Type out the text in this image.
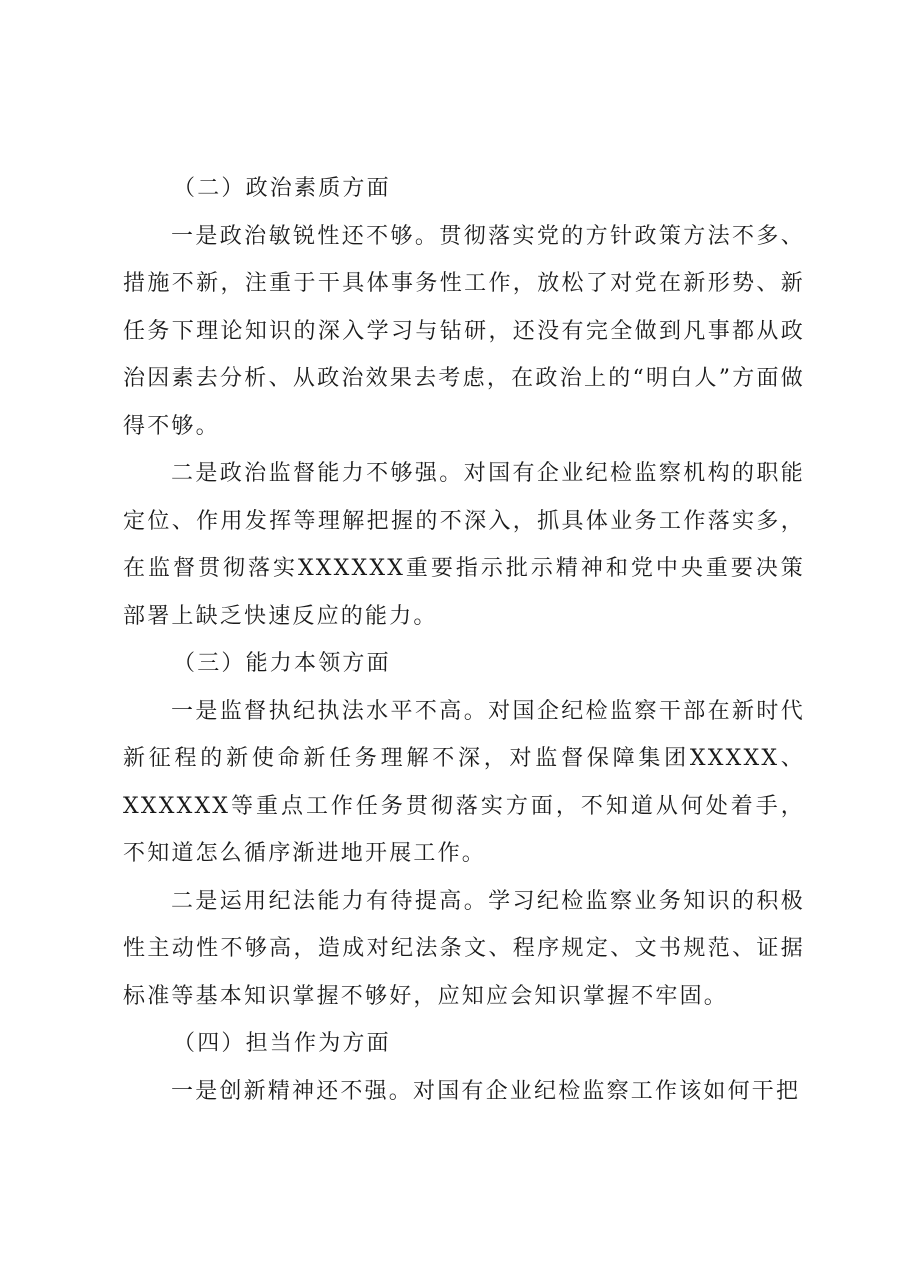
（二）政治素质方面

一是政治敏锐性还不够。贯彻落实党的方针政策方法不多、措施不新，注重于干具体事务性工作，放松了对党在新形势、新任务下理论知识的深入学习与钻研，还没有完全做到凡事都从政治因素去分析、从政治效果去考虑，在政治上的“明白人”方面做得不够。

二是政治监督能力不够强。对国有企业纪检监察机构的职能定位、作用发挥等理解把握的不深入，抓具体业务工作落实多，在监督贯彻落实XXXXXX重要指示批示精神和党中央重要决策部署上缺乏快速反应的能力。

（三）能力本领方面

一是监督执纪执法水平不高。对国企纪检监察干部在新时代新征程的新使命新任务理解不深，对监督保障集团XXXXX、XXXXXX等重点工作任务贯彻落实方面，不知道从何处着手，不知道怎么循序渐进地开展工作。

二是运用纪法能力有待提高。学习纪检监察业务知识的积极性主动性不够高，造成对纪法条文、程序规定、文书规范、证据标准等基本知识掌握不够好，应知应会知识掌握不牢固。

（四）担当作为方面

一是创新精神还不强。对国有企业纪检监察工作该如何干把
